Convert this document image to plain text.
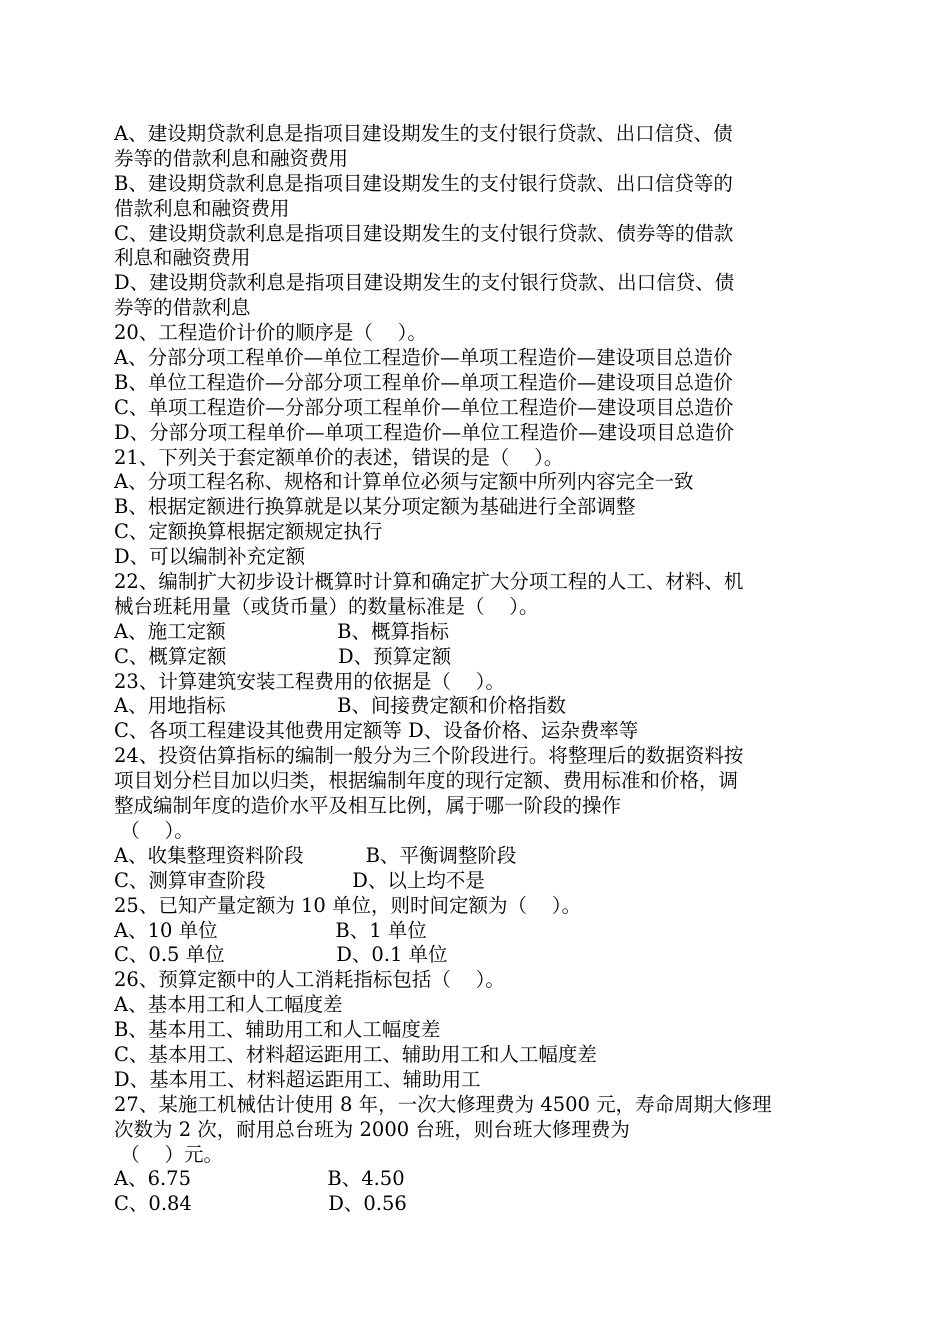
A、建设期贷款利息是指项目建设期发生的支付银行贷款、出口信贷、债
券等的借款利息和融资费用
B、建设期贷款利息是指项目建设期发生的支付银行贷款、出口信贷等的
借款利息和融资费用
C、建设期贷款利息是指项目建设期发生的支付银行贷款、债券等的借款
利息和融资费用
D、建设期贷款利息是指项目建设期发生的支付银行贷款、出口信贷、债
券等的借款利息
20、工程造价计价的顺序是（    ）。
A、分部分项工程单价—单位工程造价—单项工程造价—建设项目总造价
B、单位工程造价—分部分项工程单价—单项工程造价—建设项目总造价
C、单项工程造价—分部分项工程单价—单位工程造价—建设项目总造价
D、分部分项工程单价—单项工程造价—单位工程造价—建设项目总造价
21、下列关于套定额单价的表述，错误的是（    ）。
A、分项工程名称、规格和计算单位必须与定额中所列内容完全一致
B、根据定额进行换算就是以某分项定额为基础进行全部调整
C、定额换算根据定额规定执行
D、可以编制补充定额
22、编制扩大初步设计概算时计算和确定扩大分项工程的人工、材料、机
械台班耗用量（或货币量）的数量标准是（    ）。
A、施工定额                  B、概算指标
C、概算定额                  D、预算定额
23、计算建筑安装工程费用的依据是（    ）。
A、用地指标                  B、间接费定额和价格指数
C、各项工程建设其他费用定额等 D、设备价格、运杂费率等
24、投资估算指标的编制一般分为三个阶段进行。将整理后的数据资料按
项目划分栏目加以归类，根据编制年度的现行定额、费用标准和价格，调
整成编制年度的造价水平及相互比例，属于哪一阶段的操作
（    ）。
A、收集整理资料阶段          B、平衡调整阶段
C、测算审查阶段              D、以上均不是
25、已知产量定额为 10 单位，则时间定额为（    ）。
A、10 单位                   B、1 单位
C、0.5 单位                  D、0.1 单位
26、预算定额中的人工消耗指标包括（    ）。
A、基本用工和人工幅度差
B、基本用工、辅助用工和人工幅度差
C、基本用工、材料超运距用工、辅助用工和人工幅度差
D、基本用工、材料超运距用工、辅助用工
27、某施工机械估计使用 8 年，一次大修理费为 4500 元，寿命周期大修理
次数为 2 次，耐用总台班为 2000 台班，则台班大修理费为
（    ）元。
A、6.75                      B、4.50
C、0.84                      D、0.56
